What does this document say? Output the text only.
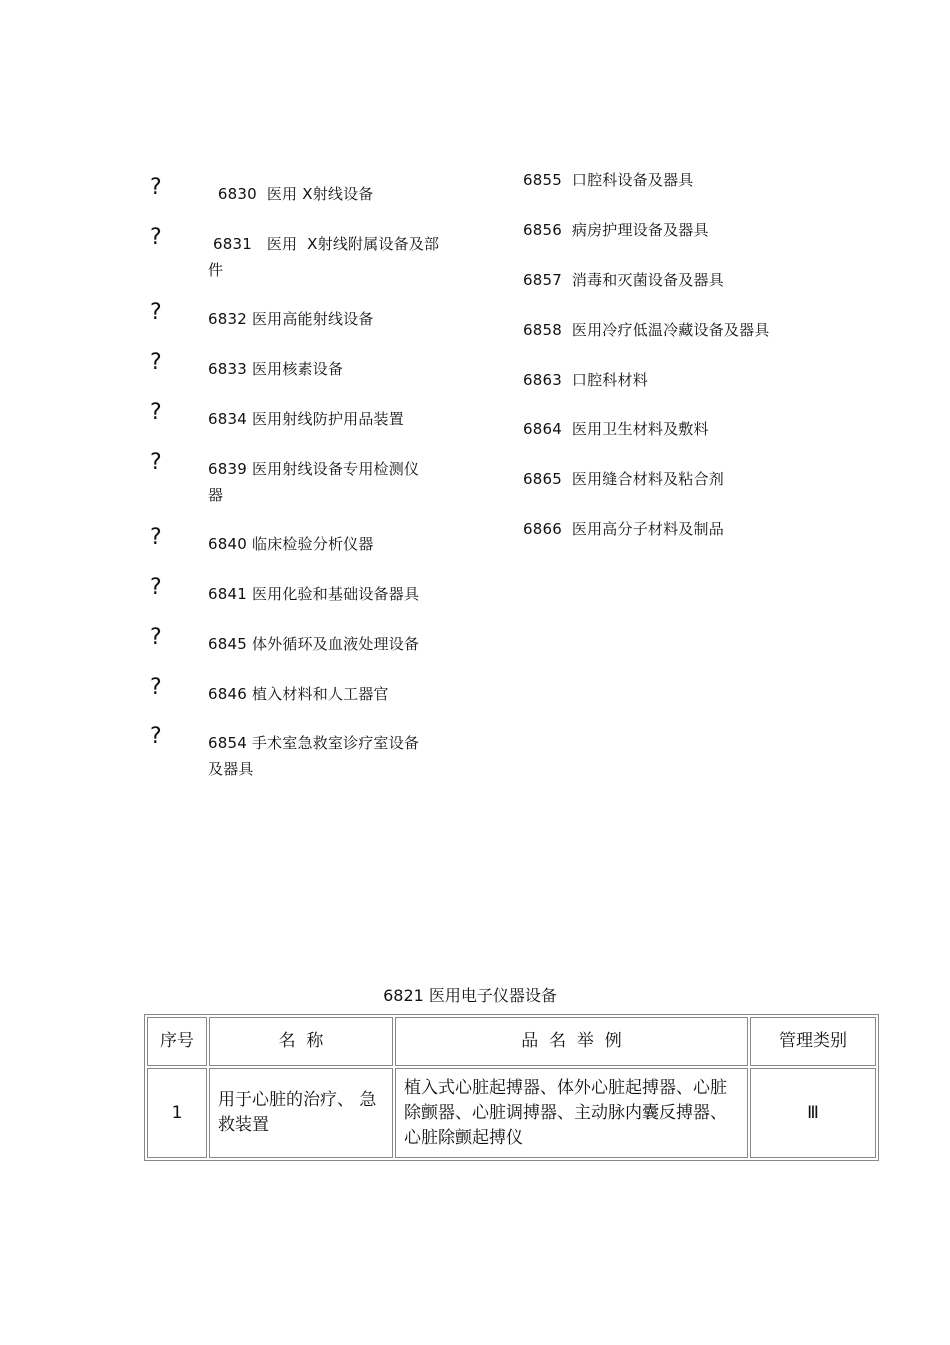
?	6830  医用 X射线设备
?	6831   医用  X射线附属设备及部件
?	6832 医用高能射线设备
?	6833 医用核素设备
?	6834 医用射线防护用品装置
?	6839 医用射线设备专用检测仪器
?	6840 临床检验分析仪器
?	6841 医用化验和基础设备器具
?	6845 体外循环及血液处理设备
?	6846 植入材料和人工器官
?	6854 手术室急救室诊疗室设备及器具
6855  口腔科设备及器具
6856  病房护理设备及器具
6857  消毒和灭菌设备及器具
6858  医用冷疗低温冷藏设备及器具
6863  口腔科材料
6864  医用卫生材料及敷料
6865  医用缝合材料及粘合剂
6866  医用高分子材料及制品
6821 医用电子仪器设备
序号	名  称	品  名  举  例	管理类别
1	用于心脏的治疗、 急救装置	植入式心脏起搏器、体外心脏起搏器、心脏除颤器、心脏调搏器、主动脉内囊反搏器、心脏除颤起搏仪	Ⅲ
